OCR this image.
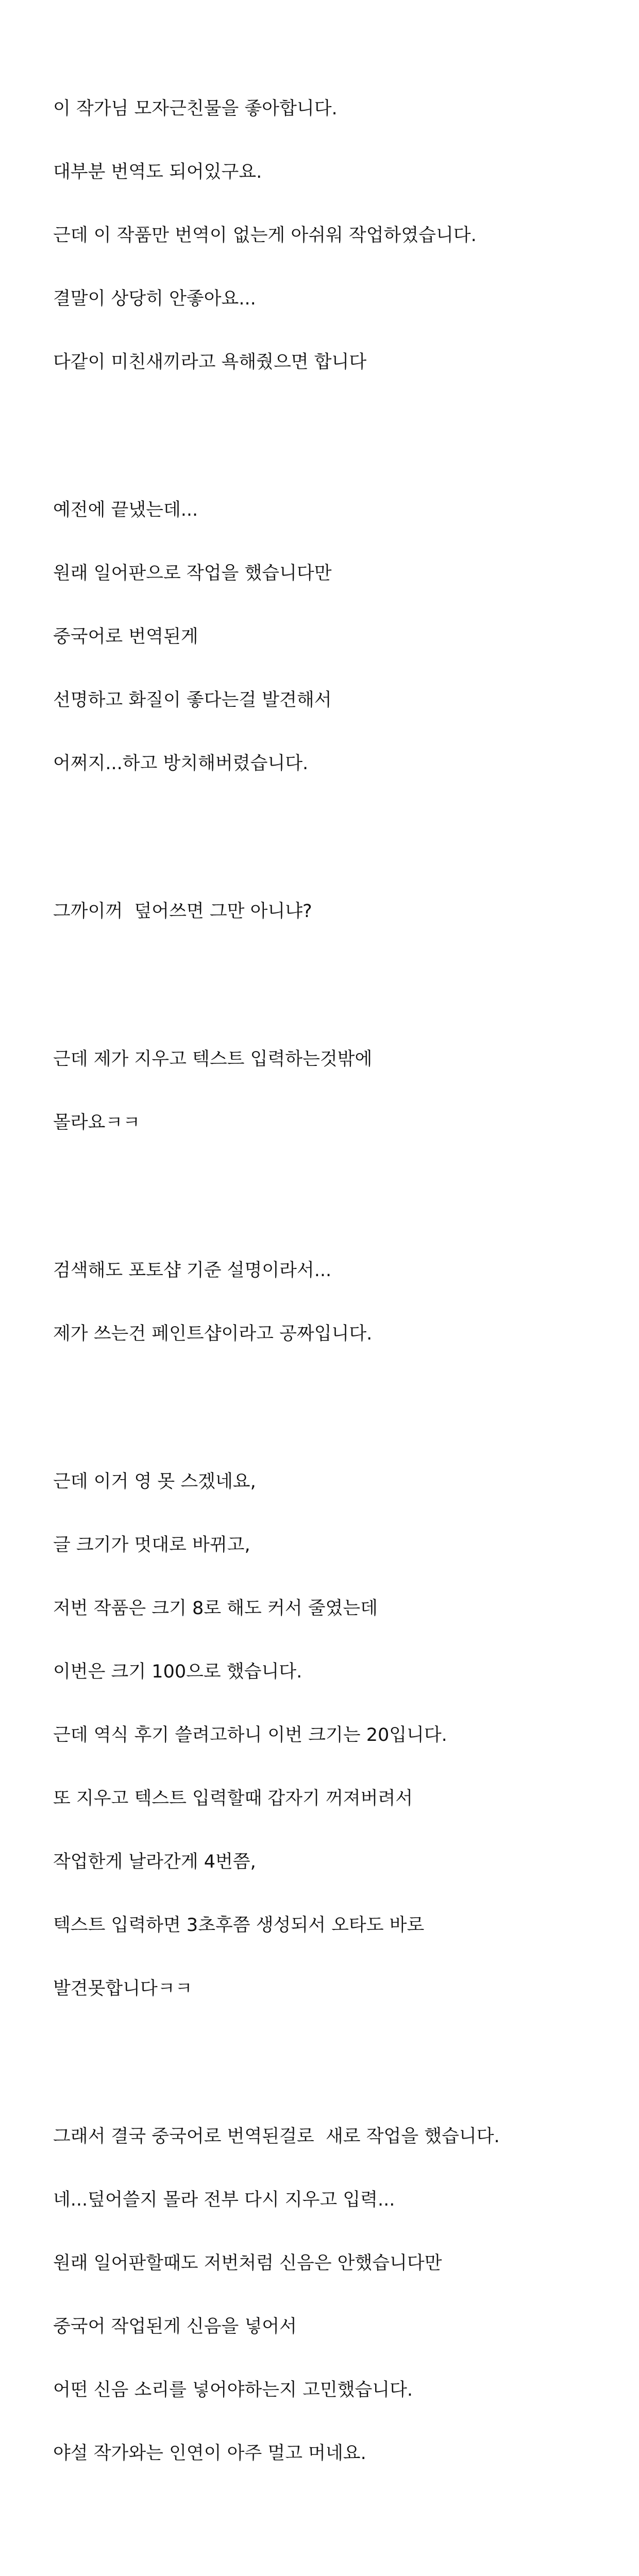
이 작가님 모자근친물을 좋아합니다.

대부분 번역도 되어있구요.

근데 이 작품만 번역이 없는게 아쉬워 작업하였습니다.

결말이 상당히 안좋아요...

다같이 미친새끼라고 욕해줬으면 합니다

예전에 끝냈는데...

원래 일어판으로 작업을 했습니다만

중국어로 번역된게

선명하고 화질이 좋다는걸 발견해서

어쩌지...하고 방치해버렸습니다.

그까이꺼  덮어쓰면 그만 아니냐?

근데 제가 지우고 텍스트 입력하는것밖에

몰라요ㅋㅋ

검색해도 포토샵 기준 설명이라서...

제가 쓰는건 페인트샵이라고 공짜입니다.

근데 이거 영 못 스겠네요,

글 크기가 멋대로 바뀌고,

저번 작품은 크기 8로 해도 커서 줄였는데

이번은 크기 100으로 했습니다.

근데 역식 후기 쓸려고하니 이번 크기는 20입니다.

또 지우고 텍스트 입력할때 갑자기 꺼져버려서

작업한게 날라간게 4번쯤,

텍스트 입력하면 3초후쯤 생성되서 오타도 바로

발견못합니다ㅋㅋ

그래서 결국 중국어로 번역된걸로  새로 작업을 했습니다.

네...덮어쓸지 몰라 전부 다시 지우고 입력...

원래 일어판할때도 저번처럼 신음은 안했습니다만

중국어 작업된게 신음을 넣어서

어떤 신음 소리를 넣어야하는지 고민했습니다.

야설 작가와는 인연이 아주 멀고 머네요.
